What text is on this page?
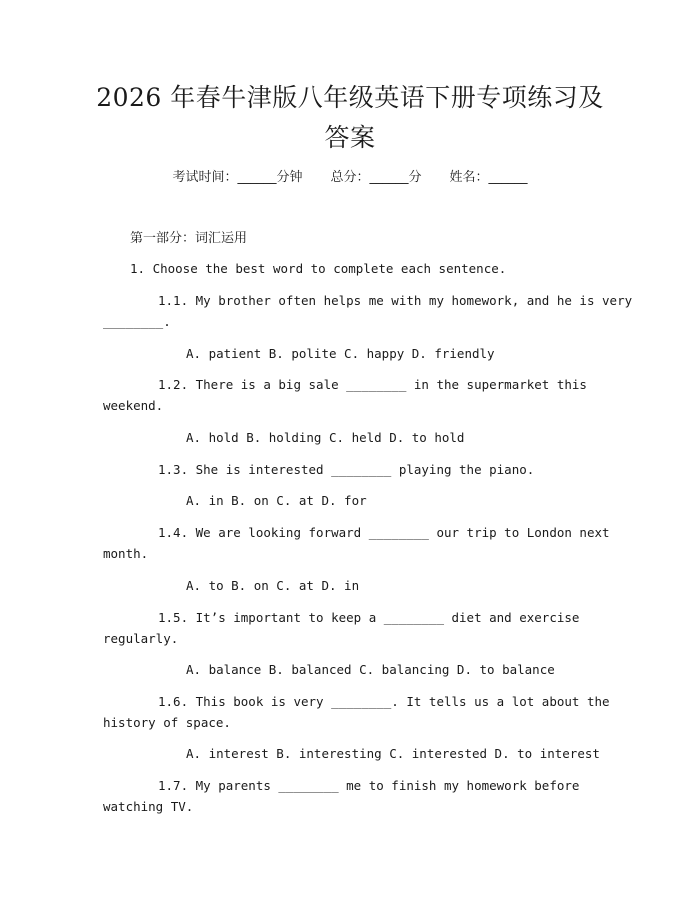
2026 年春牛津版八年级英语下册专项练习及
答案
考试时间：______分钟 总分：______分 姓名：______
第一部分：词汇运用
1. Choose the best word to complete each sentence.
1.1. My brother often helps me with my homework, and he is very
________.
A. patient B. polite C. happy D. friendly
1.2. There is a big sale ________ in the supermarket this
weekend.
A. hold B. holding C. held D. to hold
1.3. She is interested ________ playing the piano.
A. in B. on C. at D. for
1.4. We are looking forward ________ our trip to London next
month.
A. to B. on C. at D. in
1.5. It’s important to keep a ________ diet and exercise
regularly.
A. balance B. balanced C. balancing D. to balance
1.6. This book is very ________. It tells us a lot about the
history of space.
A. interest B. interesting C. interested D. to interest
1.7. My parents ________ me to finish my homework before
watching TV.
